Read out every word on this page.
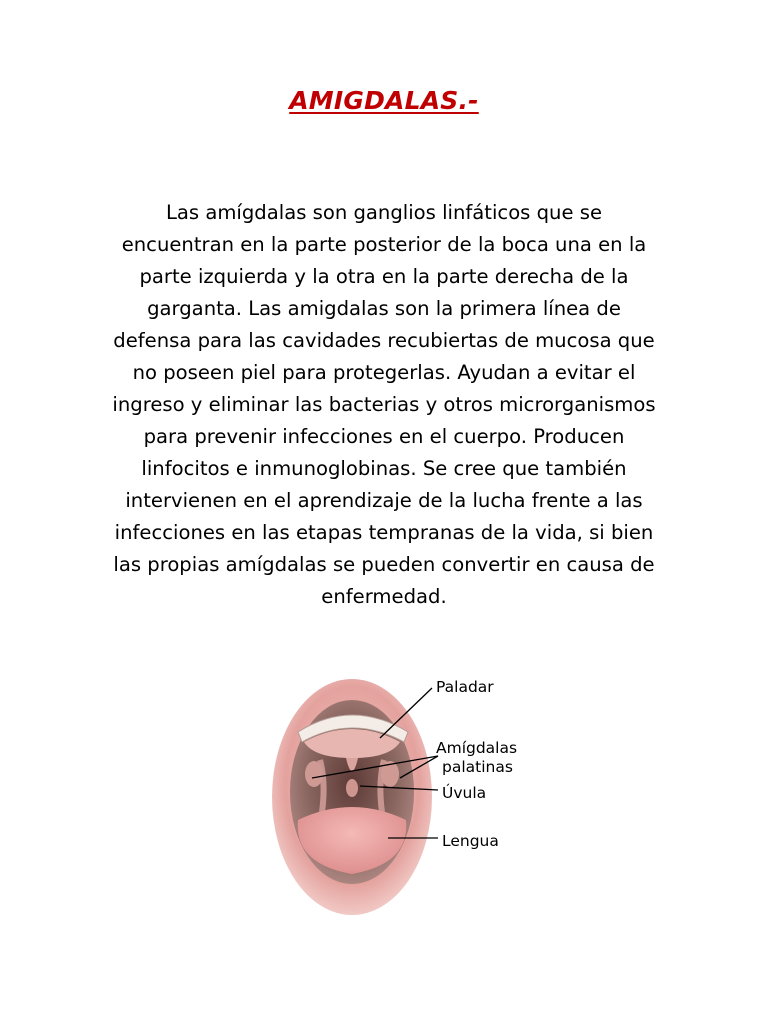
AMIGDALAS.-

Las amígdalas son ganglios linfáticos que se encuentran en la parte posterior de la boca una en la parte izquierda y la otra en la parte derecha de la garganta. Las amigdalas son la primera línea de defensa para las cavidades recubiertas de mucosa que no poseen piel para protegerlas. Ayudan a evitar el ingreso y eliminar las bacterias y otros microrganismos para prevenir infecciones en el cuerpo. Producen linfocitos e inmunoglobinas. Se cree que también intervienen en el aprendizaje de la lucha frente a las infecciones en las etapas tempranas de la vida, si bien las propias amígdalas se pueden convertir en causa de enfermedad.

Paladar
Amígdalas
palatinas
Úvula
Lengua
